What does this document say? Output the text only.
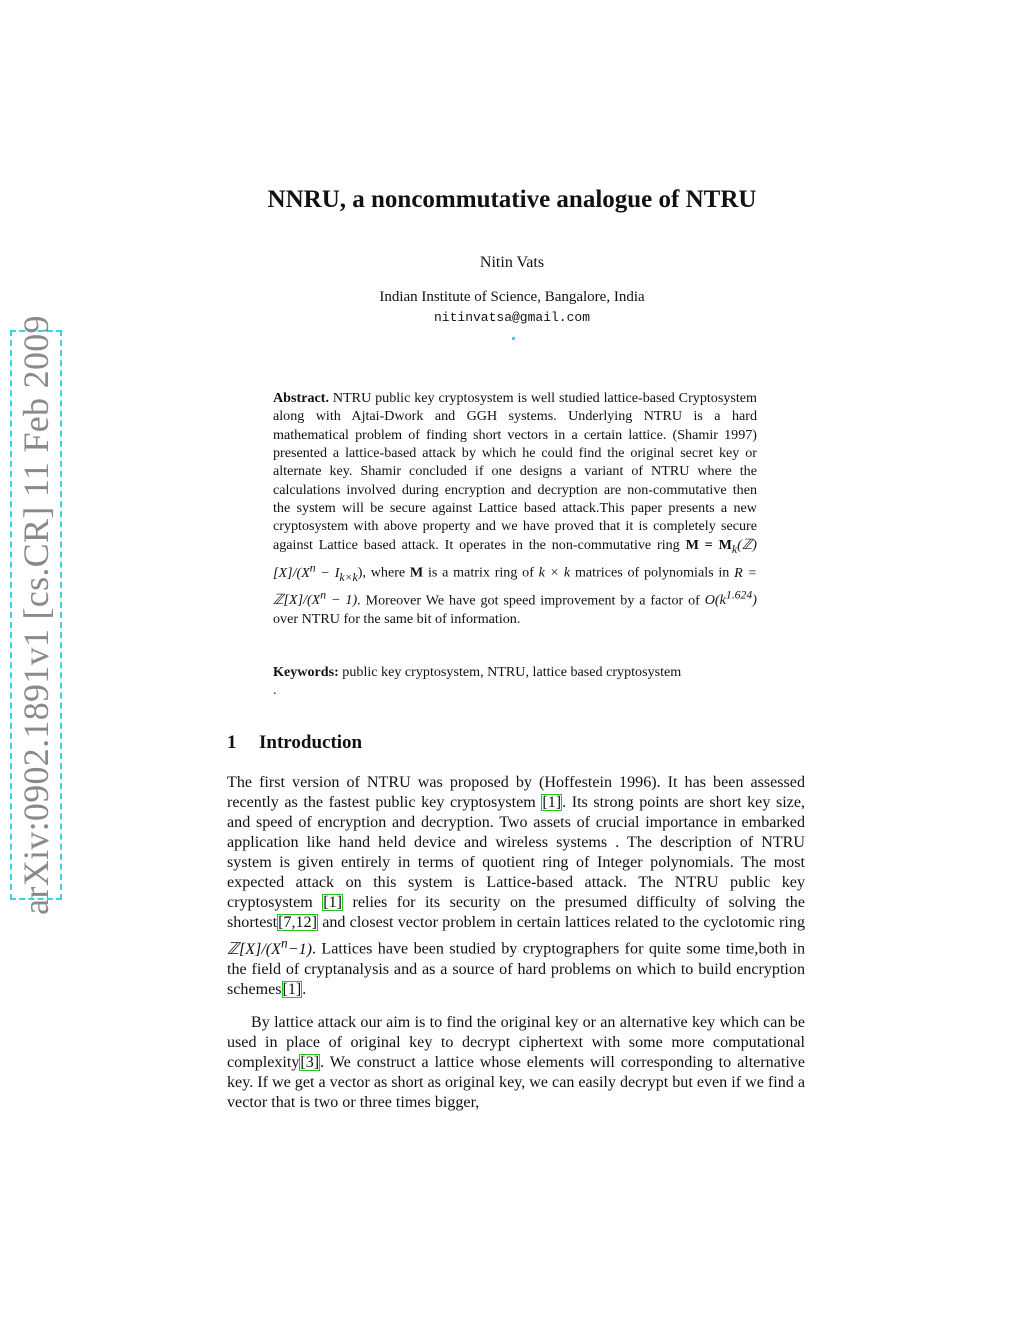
arXiv:0902.1891v1 [cs.CR] 11 Feb 2009
NNRU, a noncommutative analogue of NTRU
Nitin Vats
Indian Institute of Science, Bangalore, India
nitinvatsa@gmail.com
Abstract. NTRU public key cryptosystem is well studied lattice-based Cryptosystem along with Ajtai-Dwork and GGH systems. Underlying NTRU is a hard mathematical problem of finding short vectors in a certain lattice. (Shamir 1997) presented a lattice-based attack by which he could find the original secret key or alternate key. Shamir concluded if one designs a variant of NTRU where the calculations involved during encryption and decryption are non-commutative then the system will be secure against Lattice based attack.This paper presents a new cryptosystem with above property and we have proved that it is completely secure against Lattice based attack. It operates in the non-commutative ring $M = M_k(ℤ)[X]/(X^n - I_{k\times k})$, where M is a matrix ring of k × k matrices of polynomials in $R = ℤ[X]/(X^n - 1)$. Moreover We have got speed improvement by a factor of $O(k^{1.624})$ over NTRU for the same bit of information.
Keywords: public key cryptosystem, NTRU, lattice based cryptosystem
.
1 Introduction
The first version of NTRU was proposed by (Hoffestein 1996). It has been assessed recently as the fastest public key cryptosystem [1]. Its strong points are short key size, and speed of encryption and decryption. Two assets of crucial importance in embarked application like hand held device and wireless systems . The description of NTRU system is given entirely in terms of quotient ring of Integer polynomials. The most expected attack on this system is Lattice-based attack. The NTRU public key cryptosystem [1] relies for its security on the presumed difficulty of solving the shortest[7,12] and closest vector problem in certain lattices related to the cyclotomic ring $ℤ[X]/(X^n-1)$. Lattices have been studied by cryptographers for quite some time,both in the field of cryptanalysis and as a source of hard problems on which to build encryption schemes[1].
By lattice attack our aim is to find the original key or an alternative key which can be used in place of original key to decrypt ciphertext with some more computational complexity[3]. We construct a lattice whose elements will corresponding to alternative key. If we get a vector as short as original key, we can easily decrypt but even if we find a vector that is two or three times bigger,
